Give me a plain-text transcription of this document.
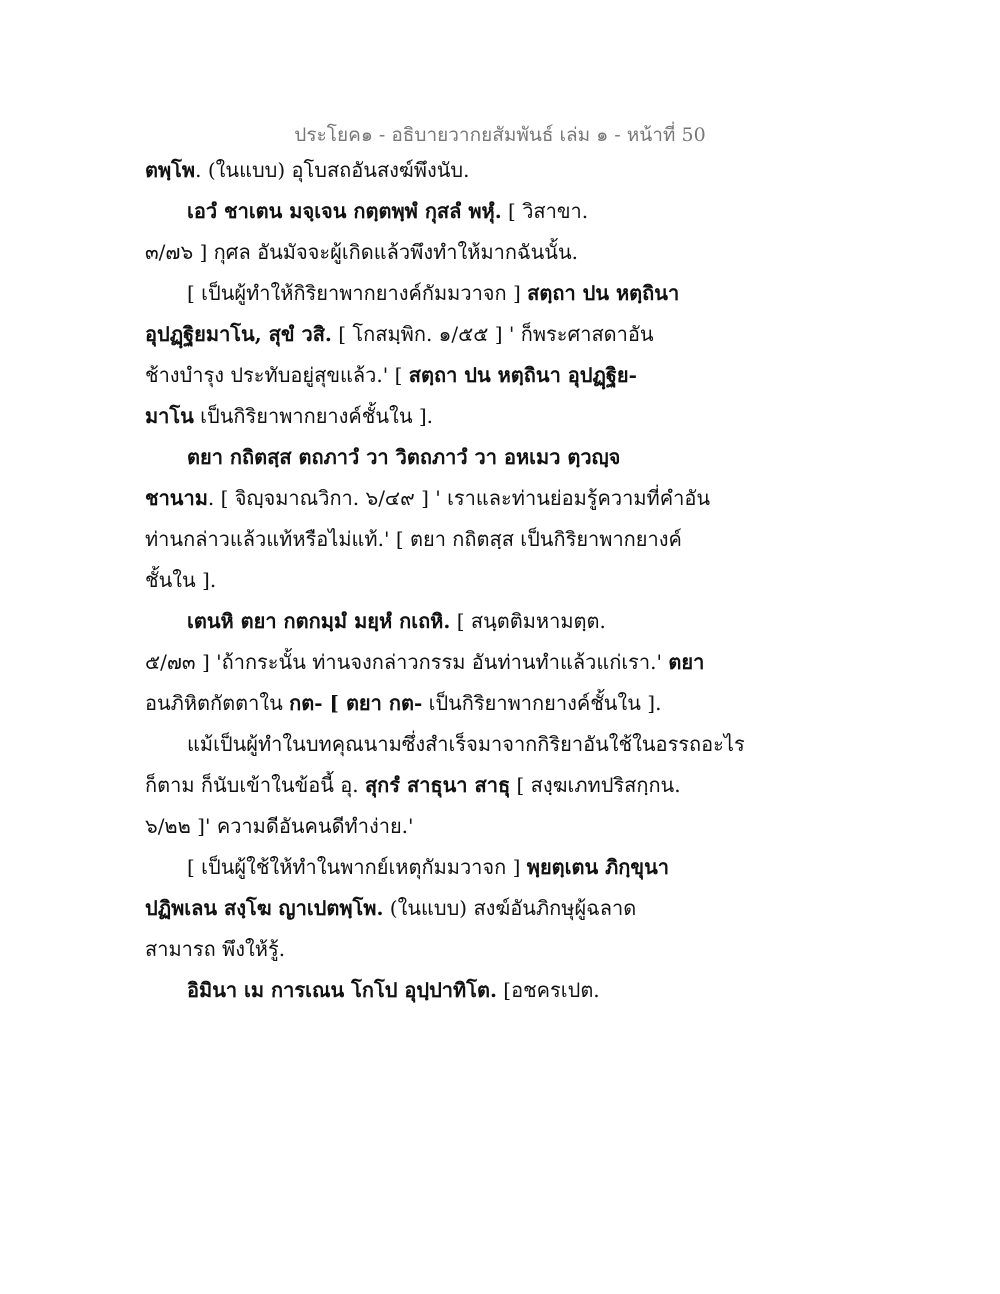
ประโยค๑ - อธิบายวากยสัมพันธ์ เล่ม ๑ - หน้าที่ 50

ตพฺโพ. (ในแบบ) อุโบสถอันสงฆ์พึงนับ.
เอวํ ชาเตน มจฺเจน กตฺตพฺพํ กุสลํ พหุํ. [ วิสาขา.
๓/๗๖ ] กุศล อันมัจจะผู้เกิดแล้วพึงทำให้มากฉันนั้น.
[ เป็นผู้ทำให้กิริยาพากยางค์กัมมวาจก ] สตฺถา ปน หตฺถินา
อุปฏฺฐิยมาโน, สุขํ วสิ. [ โกสมฺพิก. ๑/๕๕ ] ' ก็พระศาสดาอัน
ช้างบำรุง ประทับอยู่สุขแล้ว.' [ สตฺถา ปน หตฺถินา อุปฏฺฐิย-
มาโน เป็นกิริยาพากยางค์ชั้นใน ].
ตยา กถิตสฺส ตถภาวํ วา วิตถภาวํ วา อหเมว ตฺวญฺจ
ชานาม. [ จิญฺจมาณวิกา. ๖/๔๙ ] ' เราและท่านย่อมรู้ความที่คำอัน
ท่านกล่าวแล้วแท้หรือไม่แท้.' [ ตยา กถิตสฺส เป็นกิริยาพากยางค์
ชั้นใน ].
เตนหิ ตยา กตกมฺมํ มยฺหํ กเถหิ. [ สนฺตติมหามตฺต.
๕/๗๓ ] 'ถ้ากระนั้น ท่านจงกล่าวกรรม อันท่านทำแล้วแก่เรา.' ตยา
อนภิหิตกัตตาใน กต- [ ตยา กต- เป็นกิริยาพากยางค์ชั้นใน ].
แม้เป็นผู้ทำในบทคุณนามซึ่งสำเร็จมาจากกิริยาอันใช้ในอรรถอะไร
ก็ตาม ก็นับเข้าในข้อนี้ อุ. สุกรํ สาธุนา สาธุ [ สงฺฆเภทปริสกฺกน.
๖/๒๒ ]' ความดีอันคนดีทำง่าย.'
[ เป็นผู้ใช้ให้ทำในพากย์เหตุกัมมวาจก ] พฺยตฺเตน ภิกฺขุนา
ปฏิพเลน สงฺโฆ ญาเปตพฺโพ. (ในแบบ) สงฆ์อันภิกษุผู้ฉลาด
สามารถ พึงให้รู้.
อิมินา เม การเณน โกโป อุปฺปาทิโต. [อชครเปต.
